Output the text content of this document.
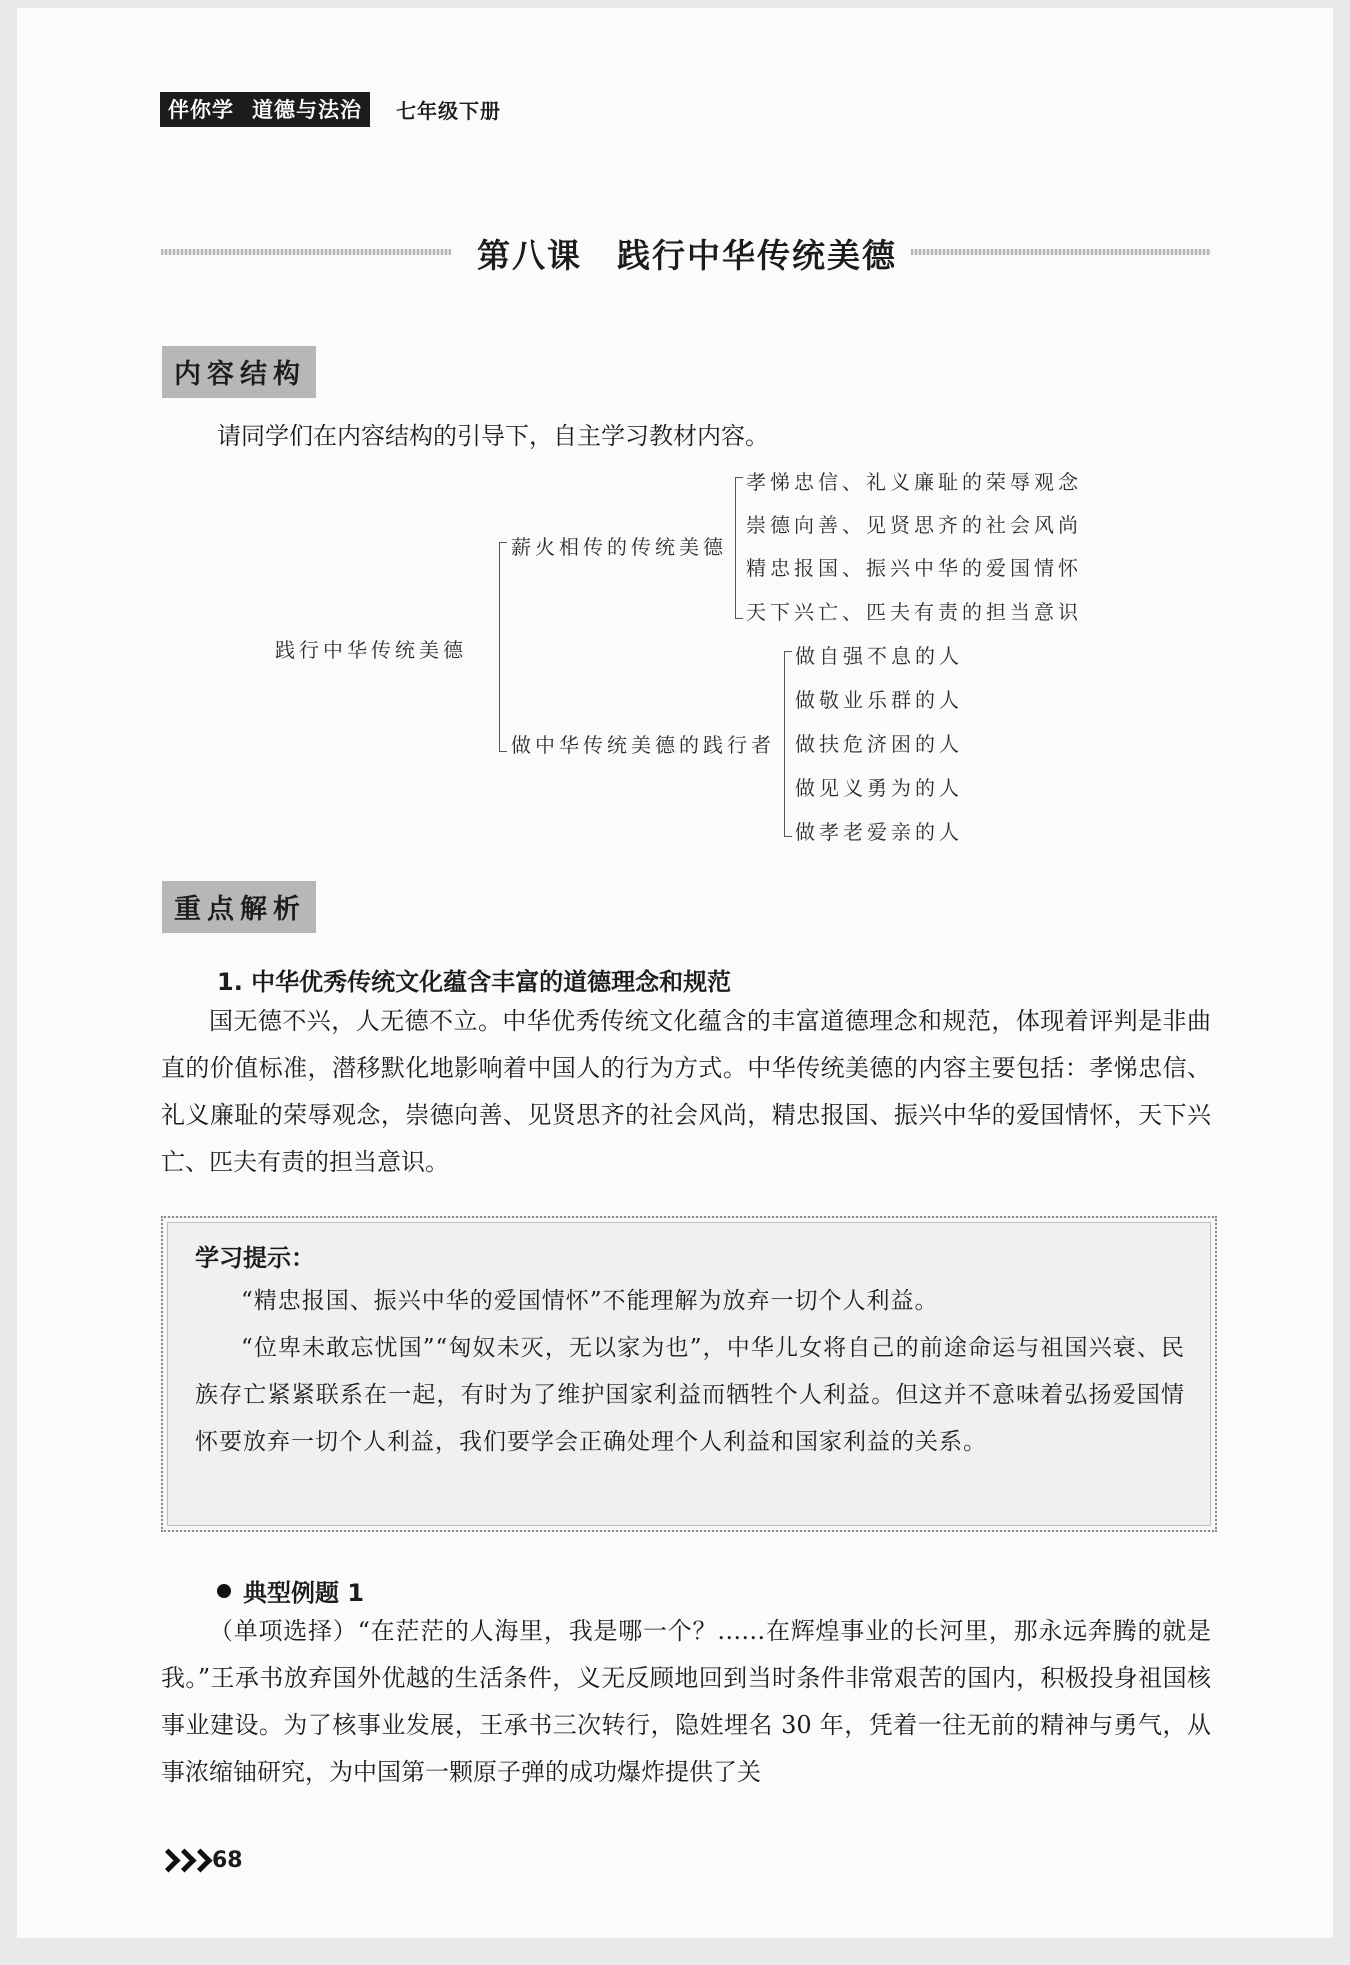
伴你学 道德与法治	七年级下册
第八课　践行中华传统美德
内容结构
请同学们在内容结构的引导下，自主学习教材内容。
践行中华传统美德
薪火相传的传统美德
孝悌忠信、礼义廉耻的荣辱观念
崇德向善、见贤思齐的社会风尚
精忠报国、振兴中华的爱国情怀
天下兴亡、匹夫有责的担当意识
做中华传统美德的践行者
做自强不息的人
做敬业乐群的人
做扶危济困的人
做见义勇为的人
做孝老爱亲的人
重点解析
1. 中华优秀传统文化蕴含丰富的道德理念和规范

国无德不兴，人无德不立。中华优秀传统文化蕴含的丰富道德理念和规范，体现着评判是非曲直的价值标准，潜移默化地影响着中国人的行为方式。中华传统美德的内容主要包括：孝悌忠信、礼义廉耻的荣辱观念，崇德向善、见贤思齐的社会风尚，精忠报国、振兴中华的爱国情怀，天下兴亡、匹夫有责的担当意识。

学习提示：

“精忠报国、振兴中华的爱国情怀”不能理解为放弃一切个人利益。

“位卑未敢忘忧国”“匈奴未灭，无以家为也”，中华儿女将自己的前途命运与祖国兴衰、民族存亡紧紧联系在一起，有时为了维护国家利益而牺牲个人利益。但这并不意味着弘扬爱国情怀要放弃一切个人利益，我们要学会正确处理个人利益和国家利益的关系。

典型例题 1

（单项选择）“在茫茫的人海里，我是哪一个？……在辉煌事业的长河里，那永远奔腾的就是我。”王承书放弃国外优越的生活条件，义无反顾地回到当时条件非常艰苦的国内，积极投身祖国核事业建设。为了核事业发展，王承书三次转行，隐姓埋名 30 年，凭着一往无前的精神与勇气，从事浓缩铀研究，为中国第一颗原子弹的成功爆炸提供了关

68
